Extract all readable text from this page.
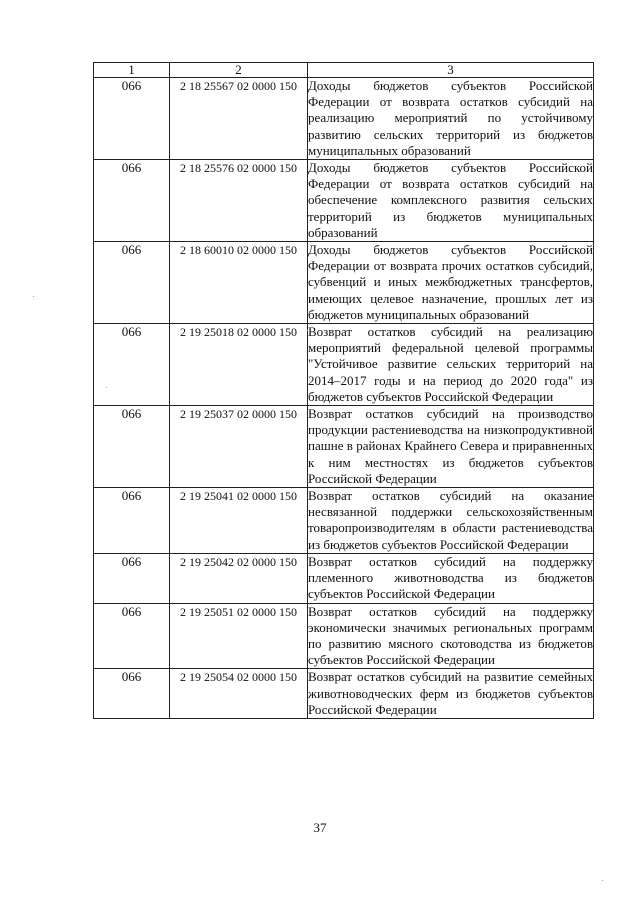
1	2	3
066	2 18 25567 02 0000 150	Доходы бюджетов субъектов Российской Федерации от возврата остатков субсидий на реализацию мероприятий по устойчивому развитию сельских территорий из бюджетов муниципальных образований
066	2 18 25576 02 0000 150	Доходы бюджетов субъектов Российской Федерации от возврата остатков субсидий на обеспечение комплексного развития сельских территорий из бюджетов муниципальных образований
066	2 18 60010 02 0000 150	Доходы бюджетов субъектов Российской Федерации от возврата прочих остатков субсидий, субвенций и иных межбюджетных трансфертов, имеющих целевое назначение, прошлых лет из бюджетов муниципальных образований
066	2 19 25018 02 0000 150	Возврат остатков субсидий на реализацию мероприятий федеральной целевой программы "Устойчивое развитие сельских территорий на 2014–2017 годы и на период до 2020 года" из бюджетов субъектов Российской Федерации
066	2 19 25037 02 0000 150	Возврат остатков субсидий на производство продукции растениеводства на низкопродуктивной пашне в районах Крайнего Севера и приравненных к ним местностях из бюджетов субъектов Российской Федерации
066	2 19 25041 02 0000 150	Возврат остатков субсидий на оказание несвязанной поддержки сельскохозяйственным товаропроизводителям в области растениеводства из бюджетов субъектов Российской Федерации
066	2 19 25042 02 0000 150	Возврат остатков субсидий на поддержку племенного животноводства из бюджетов субъектов Российской Федерации
066	2 19 25051 02 0000 150	Возврат остатков субсидий на поддержку экономически значимых региональных программ по развитию мясного скотоводства из бюджетов субъектов Российской Федерации
066	2 19 25054 02 0000 150	Возврат остатков субсидий на развитие семейных животноводческих ферм из бюджетов субъектов Российской Федерации
37
